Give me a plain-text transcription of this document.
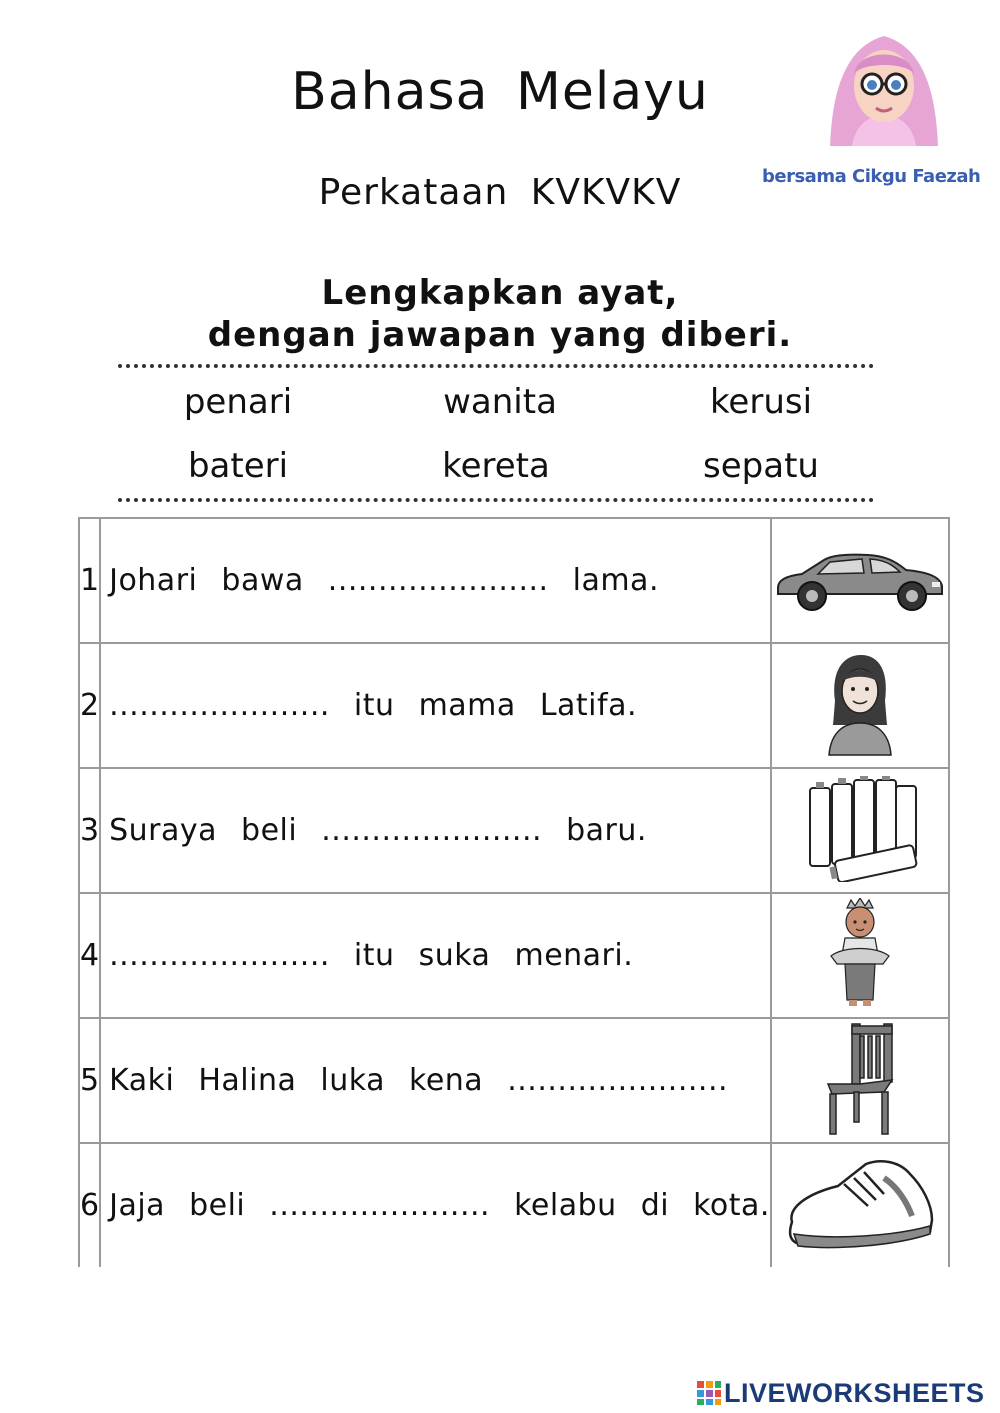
Bahasa Melayu
Perkataan KVKVKV	bersama Cikgu Faezah
Lengkapkan ayat,
dengan jawapan yang diberi.
penari	wanita	kerusi
bateri	kereta	sepatu
1	Johari bawa ...................... lama.	
2	...................... itu mama Latifa.	
3	Suraya beli ...................... baru.	
4	...................... itu suka menari.	
5	Kaki Halina luka kena ......................	
6	Jaja beli ...................... kelabu di kota.	
LIVEWORKSHEETS
